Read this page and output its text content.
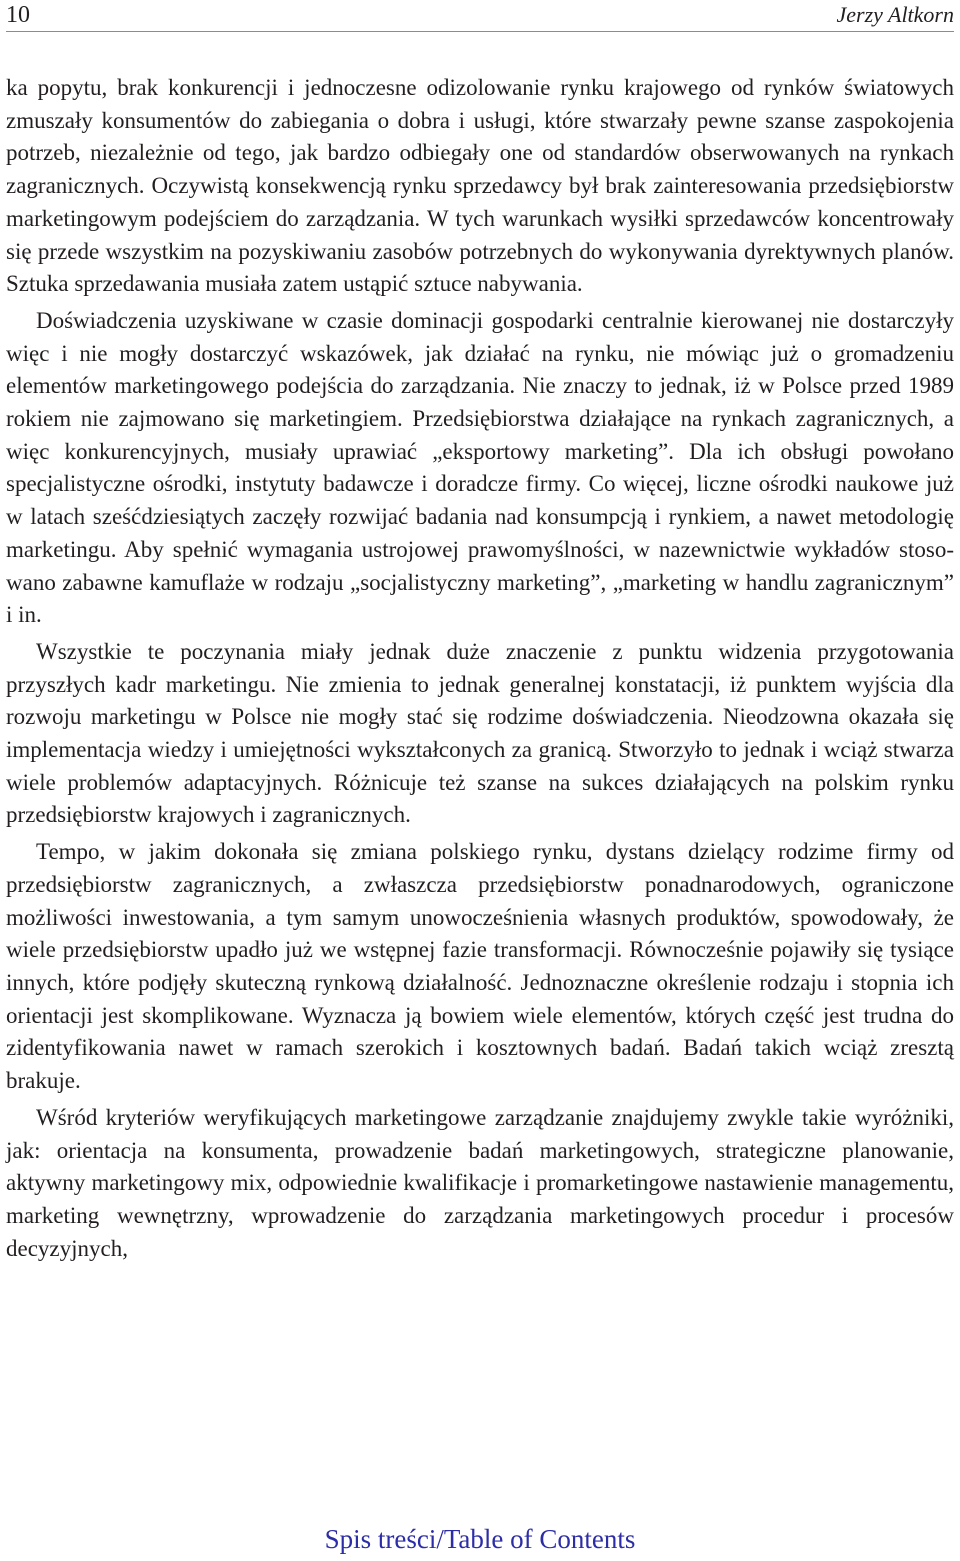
10	Jerzy Altkorn

ka popytu, brak konkurencji i jednoczesne odizolowanie rynku krajowego od rynków światowych zmuszały konsumentów do zabiegania o dobra i usługi, które stwarzały pewne szanse zaspokojenia potrzeb, niezależnie od tego, jak bardzo odbiegały one od standardów obserwowanych na rynkach zagranicznych. Oczywistą konsekwencją rynku sprzedawcy był brak zainteresowania przedsiębiorstw marketingowym podejściem do zarządzania. W tych warunkach wysiłki sprzedawców koncentrowały się przede wszystkim na pozyskiwaniu zasobów potrzebnych do wykonywania dyrektywnych planów. Sztuka sprzedawania musiała zatem ustąpić sztuce nabywania.

Doświadczenia uzyskiwane w czasie dominacji gospodarki centralnie kierowanej nie dostarczyły więc i nie mogły dostarczyć wskazówek, jak działać na rynku, nie mówiąc już o gromadzeniu elementów marketingowego podejścia do zarządzania. Nie znaczy to jednak, iż w Polsce przed 1989 rokiem nie zajmowano się marketingiem. Przedsiębiorstwa działające na rynkach zagranicznych, a więc konkurencyjnych, musiały uprawiać „eksportowy marketing”. Dla ich obsługi powołano specjalistyczne ośrodki, instytuty badawcze i doradcze firmy. Co więcej, liczne ośrodki naukowe już w latach sześćdziesiątych zaczęły rozwijać badania nad konsumpcją i rynkiem, a nawet metodologię marketingu. Aby spełnić wymagania ustrojowej prawomyślności, w nazewnictwie wykładów stosowano zabawne kamuflaże w rodzaju „socjalistyczny marketing”, „marketing w handlu zagranicznym” i in.

Wszystkie te poczynania miały jednak duże znaczenie z punktu widzenia przygotowania przyszłych kadr marketingu. Nie zmienia to jednak generalnej konstatacji, iż punktem wyjścia dla rozwoju marketingu w Polsce nie mogły stać się rodzime doświadczenia. Nieodzowna okazała się implementacja wiedzy i umiejętności wykształconych za granicą. Stworzyło to jednak i wciąż stwarza wiele problemów adaptacyjnych. Różnicuje też szanse na sukces działających na polskim rynku przedsiębiorstw krajowych i zagranicznych.

Tempo, w jakim dokonała się zmiana polskiego rynku, dystans dzielący rodzime firmy od przedsiębiorstw zagranicznych, a zwłaszcza przedsiębiorstw ponadnarodowych, ograniczone możliwości inwestowania, a tym samym unowocześnienia własnych produktów, spowodowały, że wiele przedsiębiorstw upadło już we wstępnej fazie transformacji. Równocześnie pojawiły się tysiące innych, które podjęły skuteczną rynkową działalność. Jednoznaczne określenie rodzaju i stopnia ich orientacji jest skomplikowane. Wyznacza ją bowiem wiele elementów, których część jest trudna do zidentyfikowania nawet w ramach szerokich i kosztownych badań. Badań takich wciąż zresztą brakuje.

Wśród kryteriów weryfikujących marketingowe zarządzanie znajdujemy zwykle takie wyróżniki, jak: orientacja na konsumenta, prowadzenie badań marketingowych, strategiczne planowanie, aktywny marketingowy mix, odpowiednie kwalifikacje i promarketingowe nastawienie managementu, marketing wewnętrzny, wprowadzenie do zarządzania marketingowych procedur i procesów decyzyjnych,

Spis treści/Table of Contents
